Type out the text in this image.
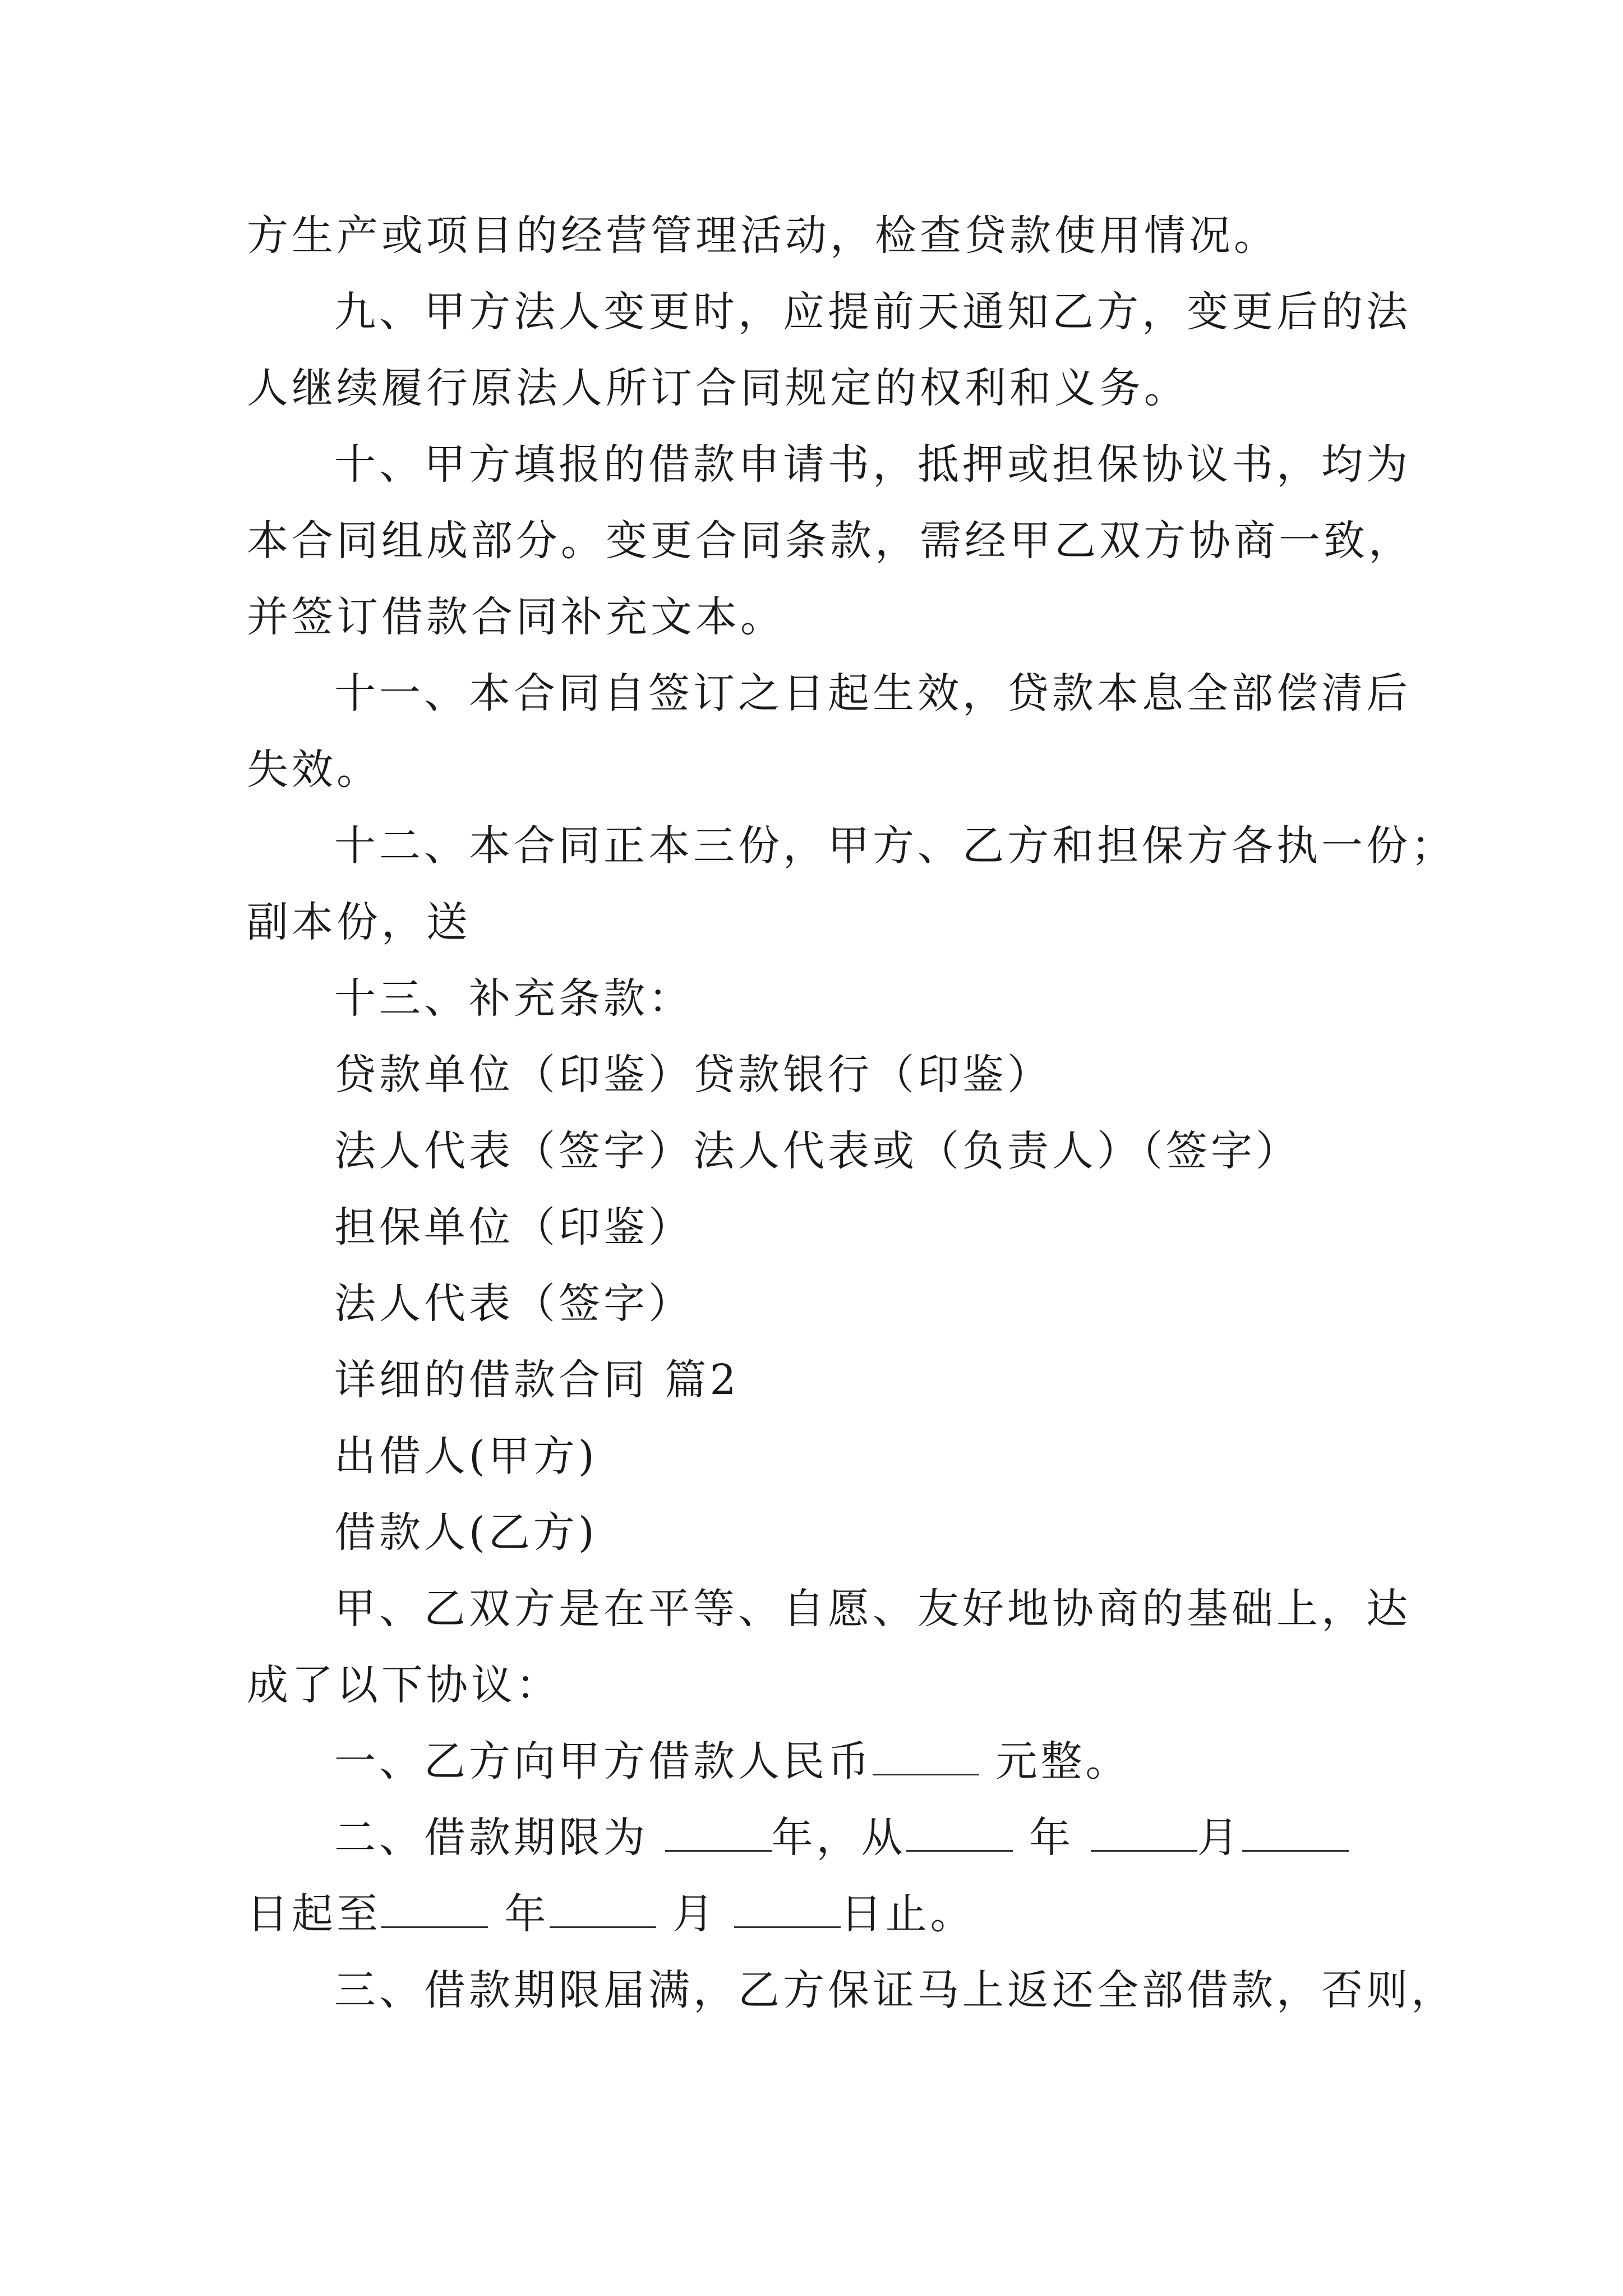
方生产或项目的经营管理活动，检查贷款使用情况。
九、甲方法人变更时，应提前天通知乙方，变更后的法
人继续履行原法人所订合同规定的权利和义务。
十、甲方填报的借款申请书，抵押或担保协议书，均为
本合同组成部分。变更合同条款，需经甲乙双方协商一致，
并签订借款合同补充文本。
十一、本合同自签订之日起生效，贷款本息全部偿清后
失效。
十二、本合同正本三份，甲方、乙方和担保方各执一份；
副本份，送
十三、补充条款：
贷款单位（印鉴）贷款银行（印鉴）
法人代表（签字）法人代表或（负责人）（签字）
担保单位（印鉴）
法人代表（签字）
详细的借款合同 篇2
出借人(甲方)
借款人(乙方)
甲、乙双方是在平等、自愿、友好地协商的基础上，达
成了以下协议：
一、乙方向甲方借款人民币	元整。
二、借款期限为	年，从	年	月
日起至	年	月	日止。
三、借款期限届满，乙方保证马上返还全部借款，否则，
